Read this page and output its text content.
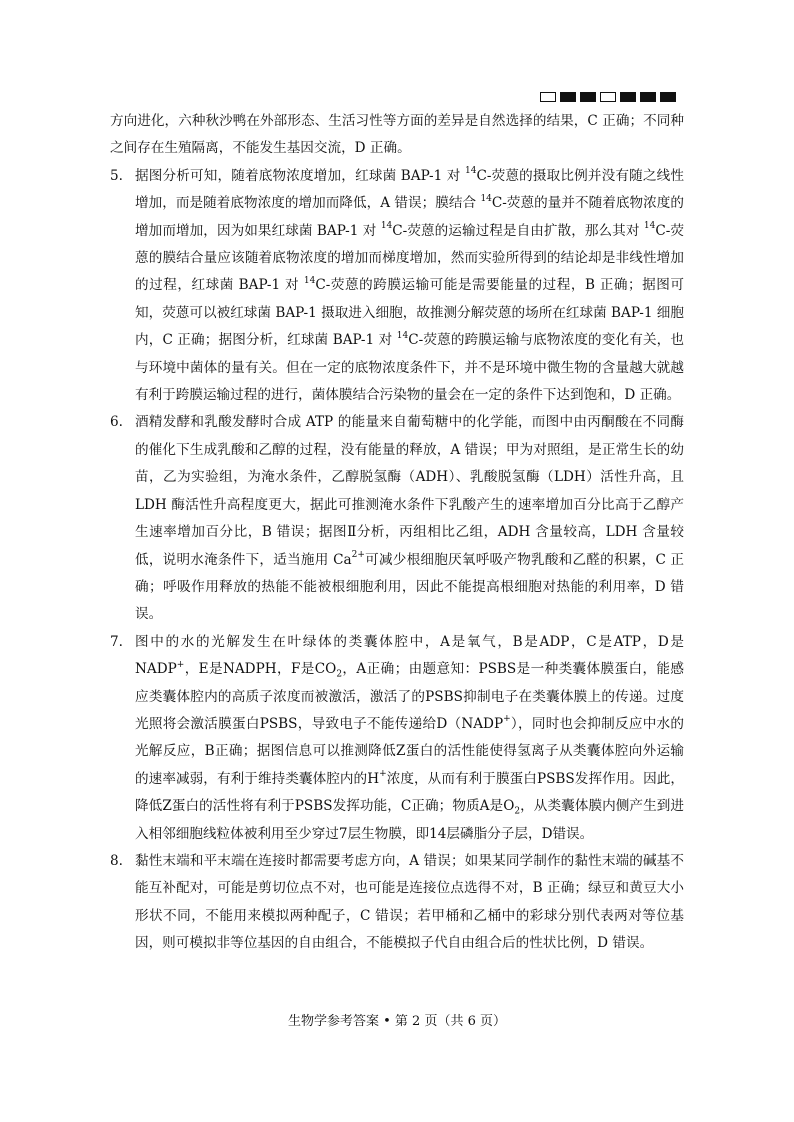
方向进化，六种秋沙鸭在外部形态、生活习性等方面的差异是自然选择的结果，C 正确；不同种之间存在生殖隔离，不能发生基因交流，D 正确。

5. 据图分析可知，随着底物浓度增加，红球菌 BAP-1 对 $^{14}$C-荧蒽的摄取比例并没有随之线性增加，而是随着底物浓度的增加而降低，A 错误；膜结合 $^{14}$C-荧蒽的量并不随着底物浓度的增加而增加，因为如果红球菌 BAP-1 对 $^{14}$C-荧蒽的运输过程是自由扩散，那么其对 $^{14}$C-荧蒽的膜结合量应该随着底物浓度的增加而梯度增加，然而实验所得到的结论却是非线性增加的过程，红球菌 BAP-1 对 $^{14}$C-荧蒽的跨膜运输可能是需要能量的过程，B 正确；据图可知，荧蒽可以被红球菌 BAP-1 摄取进入细胞，故推测分解荧蒽的场所在红球菌 BAP-1 细胞内，C 正确；据图分析，红球菌 BAP-1 对 $^{14}$C-荧蒽的跨膜运输与底物浓度的变化有关，也与环境中菌体的量有关。但在一定的底物浓度条件下，并不是环境中微生物的含量越大就越有利于跨膜运输过程的进行，菌体膜结合污染物的量会在一定的条件下达到饱和，D 正确。
6. 酒精发酵和乳酸发酵时合成 ATP 的能量来自葡萄糖中的化学能，而图中由丙酮酸在不同酶的催化下生成乳酸和乙醇的过程，没有能量的释放，A 错误；甲为对照组，是正常生长的幼苗，乙为实验组，为淹水条件，乙醇脱氢酶（ADH）、乳酸脱氢酶（LDH）活性升高，且 LDH 酶活性升高程度更大，据此可推测淹水条件下乳酸产生的速率增加百分比高于乙醇产生速率增加百分比，B 错误；据图Ⅱ分析，丙组相比乙组，ADH 含量较高，LDH 含量较低，说明水淹条件下，适当施用 $Ca^{2+}$可减少根细胞厌氧呼吸产物乳酸和乙醛的积累，C 正确；呼吸作用释放的热能不能被根细胞利用，因此不能提高根细胞对热能的利用率，D 错误。
7. 图中的水的光解发生在叶绿体的类囊体腔中，A是氧气，B是ADP，C是ATP，D是NADP+，E是NADPH，F是$CO_2$，A正确；由题意知：PSBS是一种类囊体膜蛋白，能感应类囊体腔内的高质子浓度而被激活，激活了的PSBS抑制电子在类囊体膜上的传递。过度光照将会激活膜蛋白PSBS，导致电子不能传递给D（NADP+），同时也会抑制反应中水的光解反应，B正确；据图信息可以推测降低Z蛋白的活性能使得氢离子从类囊体腔向外运输的速率减弱，有利于维持类囊体腔内的H+浓度，从而有利于膜蛋白PSBS发挥作用。因此，降低Z蛋白的活性将有利于PSBS发挥功能，C正确；物质A是$O_2$，从类囊体膜内侧产生到进入相邻细胞线粒体被利用至少穿过7层生物膜，即14层磷脂分子层，D错误。
8. 黏性末端和平末端在连接时都需要考虑方向，A 错误；如果某同学制作的黏性末端的碱基不能互补配对，可能是剪切位点不对，也可能是连接位点选得不对，B 正确；绿豆和黄豆大小形状不同，不能用来模拟两种配子，C 错误；若甲桶和乙桶中的彩球分别代表两对等位基因，则可模拟非等位基因的自由组合，不能模拟子代自由组合后的性状比例，D 错误。
生物学参考答案 • 第 2 页（共 6 页）
